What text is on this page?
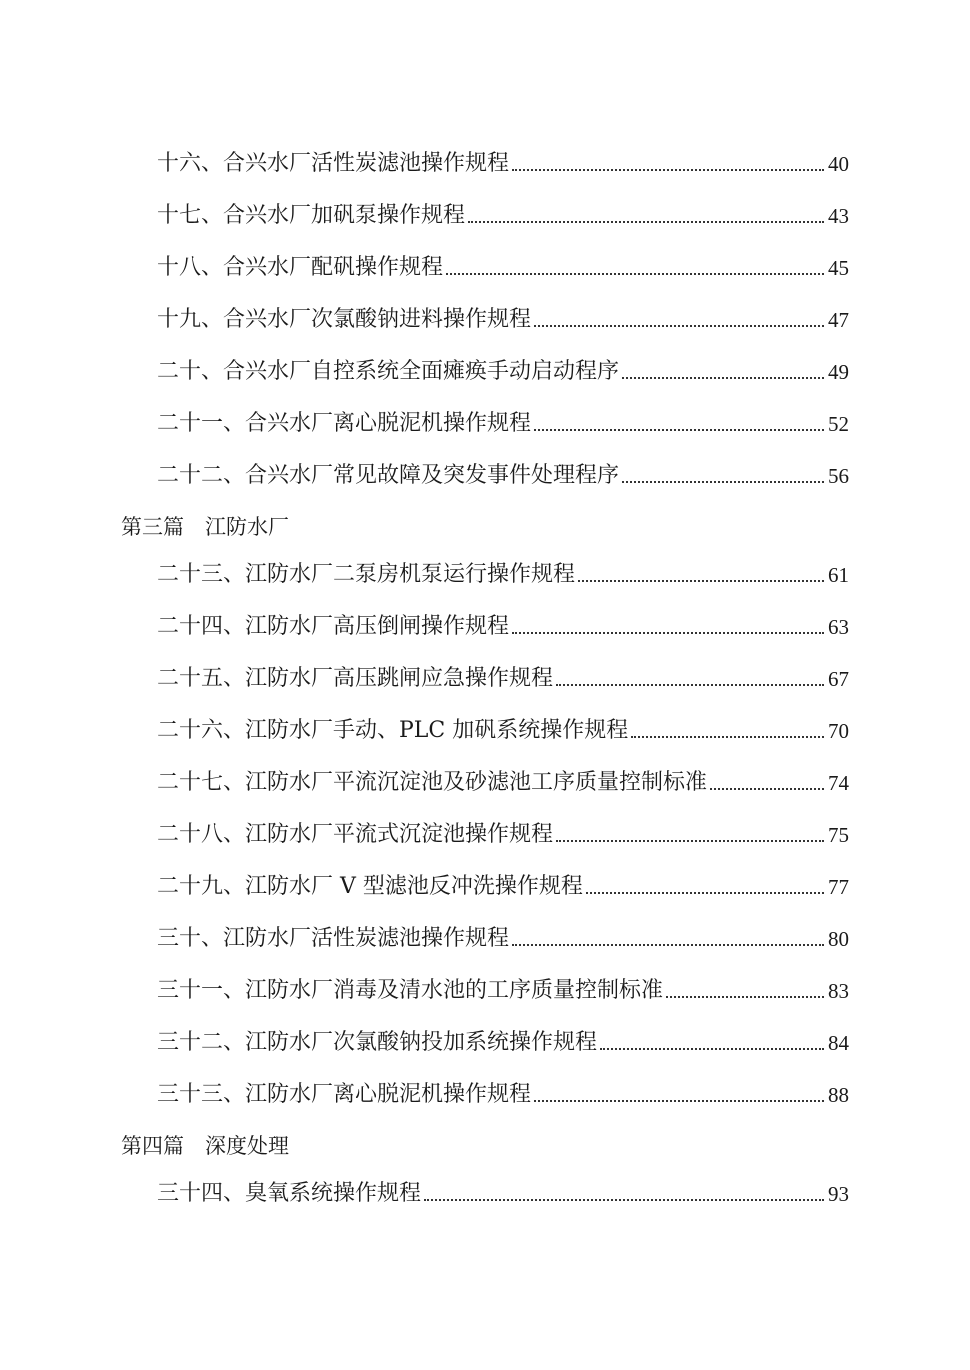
十六、合兴水厂活性炭滤池操作规程	40
十七、合兴水厂加矾泵操作规程	43
十八、合兴水厂配矾操作规程	45
十九、合兴水厂次氯酸钠进料操作规程	47
二十、合兴水厂自控系统全面瘫痪手动启动程序	49
二十一、合兴水厂离心脱泥机操作规程	52
二十二、合兴水厂常见故障及突发事件处理程序	56
第三篇　江防水厂
二十三、江防水厂二泵房机泵运行操作规程	61
二十四、江防水厂高压倒闸操作规程	63
二十五、江防水厂高压跳闸应急操作规程	67
二十六、江防水厂手动、PLC 加矾系统操作规程	70
二十七、江防水厂平流沉淀池及砂滤池工序质量控制标准	74
二十八、江防水厂平流式沉淀池操作规程	75
二十九、江防水厂 V 型滤池反冲洗操作规程	77
三十、江防水厂活性炭滤池操作规程	80
三十一、江防水厂消毒及清水池的工序质量控制标准	83
三十二、江防水厂次氯酸钠投加系统操作规程	84
三十三、江防水厂离心脱泥机操作规程	88
第四篇　深度处理
三十四、臭氧系统操作规程	93
